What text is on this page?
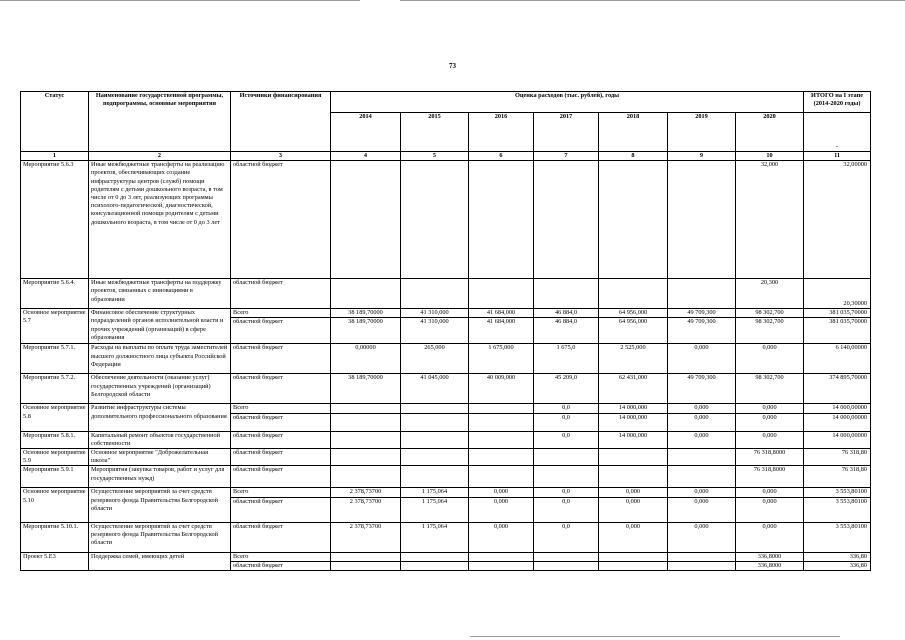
73
Статус	Наименование государственной программы, подпрограммы, основные мероприятия	Источники финансирования	Оценка расходов (тыс. рублей), годы							ИТОГО на I этапе (2014-2020 годы)
			2014	2015	2016	2017	2018	2019	2020	-
1	2	3	4	5	6	7	8	9	10	11
Мероприятие 5.6.3	Иные межбюджетные трансферты на реализацию проектов, обеспечивающих создание инфраструктуры центров (служб) помощи родителям с детьми дошкольного возраста, в том числе от 0 до 3 лет, реализующих программы психолого-педагогической, диагностической, консультационной помощи родителям с детьми дошкольного возраста, в том числе от 0 до 3 лет	областной бюджет							32,000	32,00000
Мероприятие 5.6.4.	Иные межбюджетные трансферты на поддержку проектов, связанных с инновациями в образовании	областной бюджет							20,300	20,30000
Основное мероприятие 5.7	Финансовое обеспечение структурных подразделений органов исполнительной власти и прочих учреждений (организаций) в сфере образования	Всего	38 189,70000	41 310,000	41 684,000	46 884,0	64 956,000	49 709,300	98 302,700	381 035,70000
		областной бюджет	38 189,70000	41 310,000	41 684,000	46 884,0	64 956,000	49 709,300	98 302,700	381 035,70000
Мероприятие 5.7.1.	Расходы на выплаты по оплате труда заместителей высшего должностного лица субъекта Российской Федерации	областной бюджет	0,00000	265,000	1 675,000	1 675,0	2 525,000	0,000	0,000	6 140,00000
Мероприятие 5.7.2.	Обеспечение деятельности (оказание услуг) государственных учреждений (организаций) Белгородской области	областной бюджет	38 189,70000	41 045,000	40 009,000	45 209,0	62 431,000	49 709,300	98 302,700	374 895,70000
Основное мероприятие 5.8	Развитие инфраструктуры системы дополнительного профессионального образования	Всего				0,0	14 000,000	0,000	0,000	14 000,00000
		областной бюджет				0,0	14 000,000	0,000	0,000	14 000,00000
Мероприятие 5.8.1.	Капитальный ремонт объектов государственной собственности	областной бюджет				0,0	14 000,000	0,000	0,000	14 000,00000
Основное мероприятие 5.9	Основное мероприятие "Доброжелательная школа"	областной бюджет							76 318,8000	76 318,80
Мероприятие 5.9.1	Мероприятия (закупка товаров, работ и услуг для государственных нужд)	областной бюджет							76 318,8000	76 318,80
Основное мероприятие 5.10	Осуществление мероприятий за счет средств резервного фонда Правительства Белгородской области	Всего	2 378,73700	1 175,064	0,000	0,0	0,000	0,000	0,000	3 553,80100
		областной бюджет	2 378,73700	1 175,064	0,000	0,0	0,000	0,000	0,000	3 553,80100
Мероприятие 5.10.1.	Осуществление мероприятий за счет средств резервного фонда Правительства Белгородской области	областной бюджет	2 378,73700	1 175,064	0,000	0,0	0,000	0,000	0,000	3 553,80100
Проект 5.Е3	Поддержка семей, имеющих детей	Всего							336,8000	336,80
		областной бюджет							336,8000	336,80
